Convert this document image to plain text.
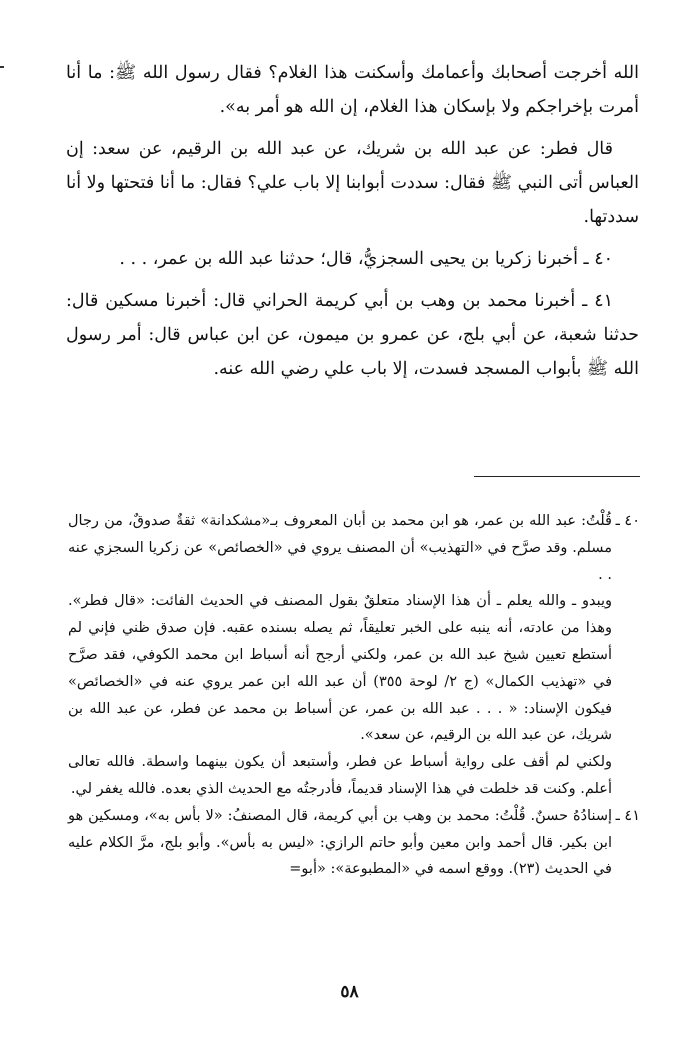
الله أخرجت أصحابك وأعمامك وأسكنت هذا الغلام؟ فقال رسول الله ﷺ: ما أنا أمرت بإخراجكم ولا بإسكان هذا الغلام، إن الله هو أمر به».

قال فطر: عن عبد الله بن شريك، عن عبد الله بن الرقيم، عن سعد: إن العباس أتى النبي ﷺ فقال: سددت أبوابنا إلا باب علي؟ فقال: ما أنا فتحتها ولا أنا سددتها.

٤٠ ـ أخبرنا زكريا بن يحيى السجزيُّ، قال؛ حدثنا عبد الله بن عمر، . . .

٤١ ـ أخبرنا محمد بن وهب بن أبي كريمة الحراني قال: أخبرنا مسكين قال: حدثنا شعبة، عن أبي بلج، عن عمرو بن ميمون، عن ابن عباس قال: أمر رسول الله ﷺ بأبواب المسجد فسدت، إلا باب علي رضي الله عنه.

٤٠ ـ

قُلْتُ: عبد الله بن عمر، هو ابن محمد بن أبان المعروف بـ«مشكدانة» ثقةٌ صدوقٌ، من رجال مسلم. وقد صرَّح في «التهذيب» أن المصنف يروي في «الخصائص» عن زكريا السجزي عنه . .

ويبدو ـ والله يعلم ـ أن هذا الإسناد متعلقٌ بقول المصنف في الحديث الفائت: «قال فطر». وهذا من عادته، أنه ينبه على الخبر تعليقاً، ثم يصله بسنده عقبه. فإن صدق ظني فإني لم أستطع تعيين شيخ عبد الله بن عمر، ولكني أرجح أنه أسباط ابن محمد الكوفي، فقد صرَّح في «تهذيب الكمال» (ج ٢/ لوحة ٣٥٥) أن عبد الله ابن عمر يروي عنه في «الخصائص» فيكون الإسناد: « . . . عبد الله بن عمر، عن أسباط بن محمد عن فطر، عن عبد الله بن شريك، عن عبد الله بن الرقيم، عن سعد».

ولكني لم أقف على رواية أسباط عن فطر، وأستبعد أن يكون بينهما واسطة. فالله تعالى أعلم. وكنت قد خلطت في هذا الإسناد قديماً، فأدرجتُه مع الحديث الذي بعده. فالله يغفر لي.

٤١ ـ

إسنادُهُ حسنٌ. قُلْتُ: محمد بن وهب بن أبي كريمة، قال المصنفُ: «لا بأس به»، ومسكين هو ابن بكير. قال أحمد وابن معين وأبو حاتم الرازي: «ليس به بأس». وأبو بلج، مرَّ الكلام عليه في الحديث (٢٣). ووقع اسمه في «المطبوعة»: «أبو=

٥٨
